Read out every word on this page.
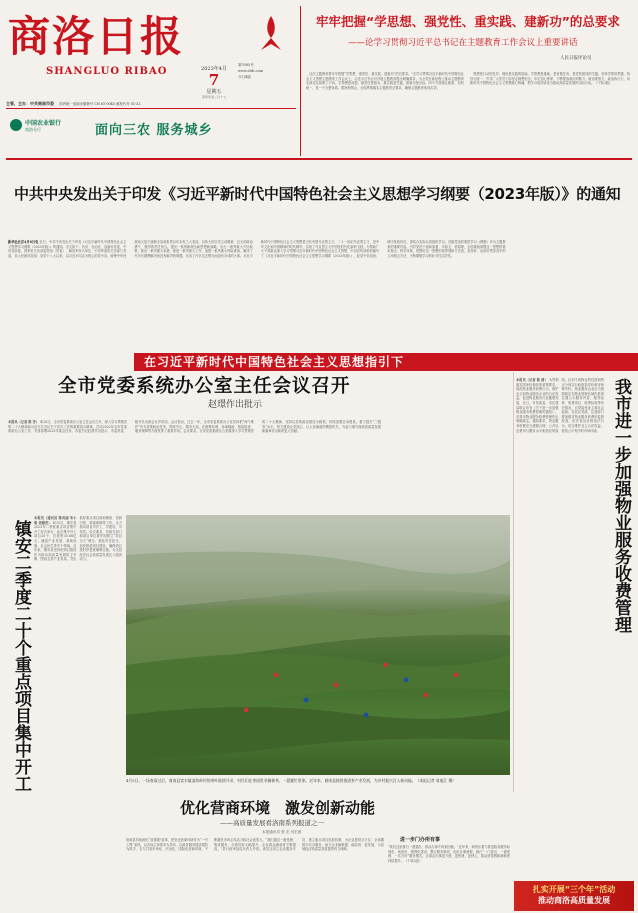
商洛日报
SHANGLUO RIBAO	2023年4月
7
星期五
癸卯年闰二月十七
第5585号
www.slrb.com
今日4版
主管、主办：中共商南市委 国内统一连续出版物号 CN 61-0045 邮发代号 51-32
中国农业银行
商洛分行	面向三农 服务城乡
牢牢把握“学思想、强党性、重实践、建新功”的总要求
——论学习贯彻习近平总书记在主题教育工作会议上重要讲话
人民日报评论员
　这次主题教育要牢牢把握“学思想、强党性、重实践、建新功”的总要求。”在学习贯彻习近平新时代中国特色社会主义思想主题教育工作会议上，习近平总书记对开展主题教育提出明确要求，为全党在新征程上推动主题教育走深走实指明了方向。学思想是前提，强党性是根本，重实践是关键，建新功是目标，四个方面相互联系、有机统一，是一个完整体系。要深刻领会，全面贯彻落实主题教育总要求，确保主题教育取得实效。
　思想是行动的先导，理论是实践的指南。学思想是基础，是首要任务，是党的建设的关键。坚持学思用贯通、知信行统一，引导广大党员干部坚定理想信念，牢记初心使命，不断提高政治判断力、政治领悟力、政治执行力，用新时代中国特色社会主义思想凝心铸魂，把学习成效转化为推动高质量发展的实际行动。（下转2版）
中共中央发出关于印发《习近平新时代中国特色社会主义思想学习纲要（2023年版）》的通知
新华社北京4月6日电 近日，中共中央发出关于印发《习近平新时代中国特色社会主义思想学习纲要（2023年版）》的通知。全文如下：各省、自治区、直辖市党委，中央各部委，国家机关各部委党组（党委），解放军各大单位、中央军委机关各部门党委，各人民团体党组：党的十八大以来，以习近平同志为核心的党中央，统筹中华民族伟大复兴战略全局和世界百年未有之大变局，以伟大的历史主动精神、巨大的政治勇气、强烈的责任担当，提出一系列新理念新思想新战略，出台一系列重大方针政策，推出一系列重大举措，推进一系列重大工作，战胜一系列重大风险挑战，解决了许多长期想解决而没有解决的难题，办成了许多过去想办而没有办成的大事。习近平新时代中国特色社会主义思想是当代中国马克思主义、二十一世纪马克思主义，是中华文化和中国精神的时代精华，实现了马克思主义中国化时代化新的飞跃。为帮助广大干部群众深入学习贯彻习近平新时代中国特色社会主义思想，中央宣传部组织编写了《习近平新时代中国特色社会主义思想学习纲要（2023年版）》，经党中央同意，现印发给你们，请结合实际认真组织学习。各级党组织要把学习《纲要》作为主题教育的重要内容，引导党员干部读原著、学原文、悟原理，全面系统掌握这一思想的基本观点、科学体系，把握好这一思想的世界观和方法论，坚持好、运用好贯穿其中的立场观点方法，不断增强学习的针对性实效性。
在习近平新时代中国特色社会主义思想指引下
全市党委系统办公室主任会议召开
赵璟作出批示
本报讯（记者 陈 芳） 4月6日，全市党委系统办公室主任会议召开，深入学习贯彻党的二十大精神和习近平总书记关于党办工作的重要指示精神，总结2022年全市党委系统办公室工作，安排部署2023年重点任务。市委书记赵璟作出批示，市委常委、秘书长出席会议并讲话。会议指出，过去一年，全市党委系统办公室坚持把“两个维护”作为首要政治任务，围绕中心、服务大局，在统筹协调、参谋辅政、督促检查、服务保障等方面发挥了重要作用。会议要求，全市党委系统办公室要深入学习贯彻党的二十大精神，坚持以党的政治建设为统领，持续加强自身建设，着力提升“三服务”水平，努力建设让党放心、让人民满意的模范机关，为奋力谱写商洛高质量发展新篇章作出新的更大贡献。	我市进一步加强物业服务收费管理
本报讯（记者 陈 倩） 为贯彻落实国家价格改革政策要求，规范物业服务收费行为，维护业主和物业服务企业的合法权益，促进物业服务行业健康发展，近日，市发改委、市住建局联合印发《关于进一步加强物业服务收费管理的通知》，对我市物业服务收费管理作出明确规定。通知要求，物业服务收费应当遵循合理、公开以及费用与服务水平相适应的原则，区别不同物业的性质和特点分别实行政府指导价和市场调节价。物业服务企业应当按照规定在物业管理区域内显著位置公示服务内容、服务标准、收费项目、收费标准等有关情况，自觉接受业主和社会监督。各县区发改、住建部门要加强对物业服务收费的监督检查，依法查处价格违法行为，切实维护业主合法权益，营造公平有序的市场环境。
镇安二季度二十个重点项目集中开工
本报讯（通讯员 陈凤丽 朱小菊 周德武） 4月5日，镇安县2023年二季度重点项目集中开工仪式举行，此次集中开工项目20个，总投资35.68亿元，涵盖产业发展、基础设施、社会民生等多个领域。近年来，镇安县坚持把项目建设作为推动高质量发展的主引擎，围绕全县产业布局，突出抓好重点项目谋划储备、招商引资、要素保障等工作，全力推动项目早开工、早建设、早见效。仪式要求，各相关部门和项目单位要牢固树立“项目为王”理念，强化责任担当，加快推进项目建设，确保项目按时序进度顺利实施，为全县经济社会高质量发展注入强劲动力。
4月5日，一场春雨过后，商南县富水镇油坊岭村的茶叶陆续开采，村民们在茶园里采摘新茶，一派繁忙景象。近年来，商南县持续推进茶产业发展，为乡村振兴注入新动能。（本报记者 周旭江 摄）
优化营商环境　激发创新动能
——高质量发展看洛南系列报道之一
本报通讯员 张 宏 闫宏波
洛南县持续深化“放管服”改革，把优化营商环境作为“一号工程”来抓，以市场主体需求为导向，以政务服务提质增效为抓手，全力打造市场化、法治化、国际化营商环境，不断激发市场主体活力和社会创造力。“我们通过一窗受理、集成服务，办事效率大幅提升，企业群众满意度不断提高。”县行政审批局负责人介绍。该县还设立企业服务专员，建立重点项目包抓机制，为企业提供全方位、全周期帮办代办服务，助力企业解难题、稳经营、促发展，为县域经济高质量发展提供有力保障。
进一步门办所有事
“我们这里推行一窗通办，群众办事不再来回跑。”近年来，商州区着力推进政务服务标准化、规范化、便利化建设，整合服务事项，优化办事流程，推行“一门进出、一窗受理、一次办好”服务模式，让群众办事更方便、更快捷、更舒心，群众获得感和满意度持续提升。（下转2版）
扎实开展“三个年”活动
推动商洛高质量发展
